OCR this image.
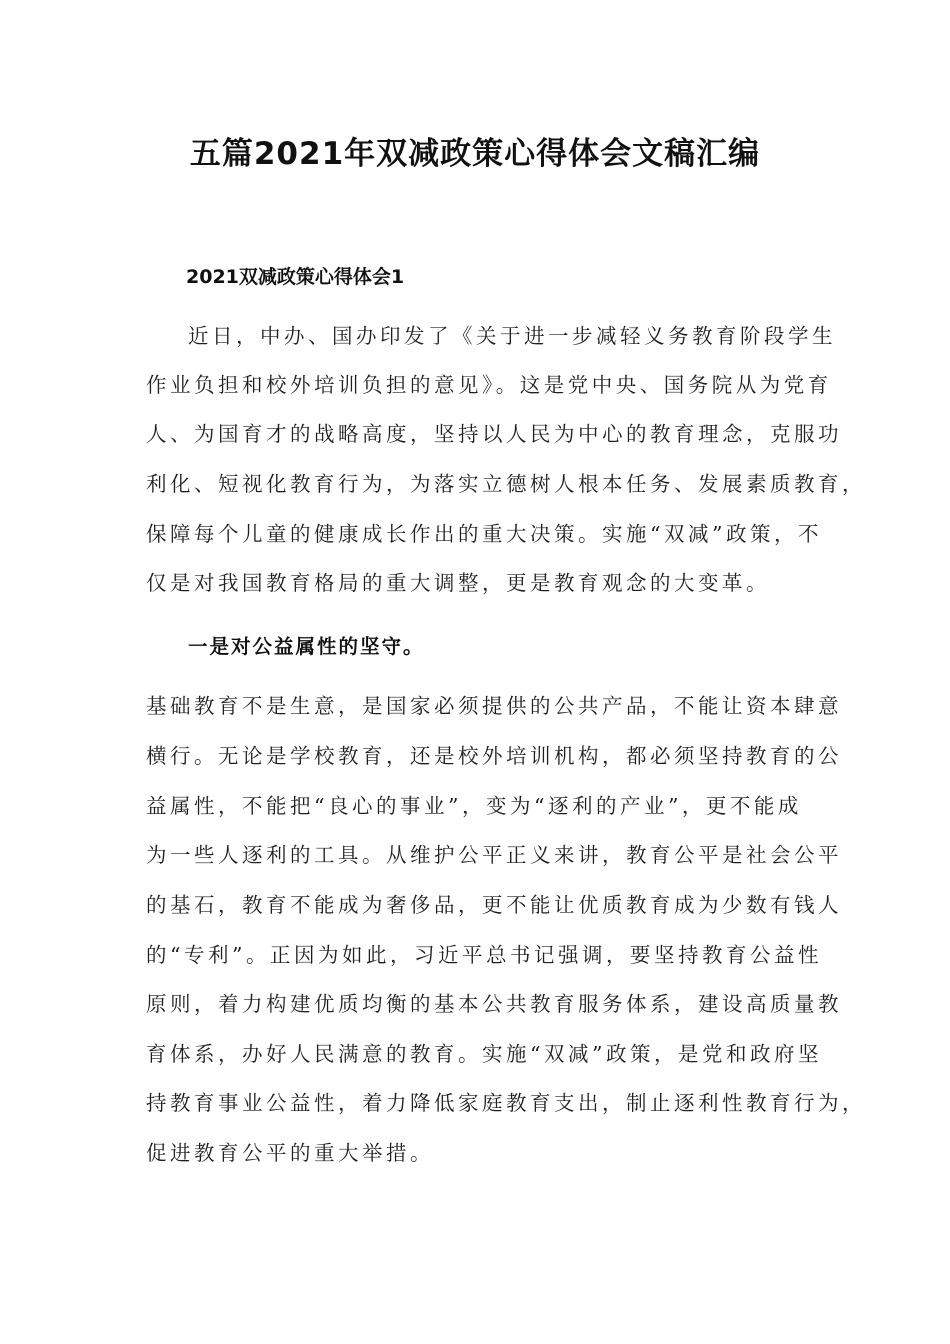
五篇2021年双减政策心得体会文稿汇编
2021双减政策心得体会1
近日，中办、国办印发了《关于进一步减轻义务教育阶段学生
作业负担和校外培训负担的意见》。这是党中央、国务院从为党育
人、为国育才的战略高度，坚持以人民为中心的教育理念，克服功
利化、短视化教育行为，为落实立德树人根本任务、发展素质教育，
保障每个儿童的健康成长作出的重大决策。实施“双减”政策，不
仅是对我国教育格局的重大调整，更是教育观念的大变革。
一是对公益属性的坚守。
基础教育不是生意，是国家必须提供的公共产品，不能让资本肆意
横行。无论是学校教育，还是校外培训机构，都必须坚持教育的公
益属性，不能把“良心的事业”，变为“逐利的产业”，更不能成
为一些人逐利的工具。从维护公平正义来讲，教育公平是社会公平
的基石，教育不能成为奢侈品，更不能让优质教育成为少数有钱人
的“专利”。正因为如此，习近平总书记强调，要坚持教育公益性
原则，着力构建优质均衡的基本公共教育服务体系，建设高质量教
育体系，办好人民满意的教育。实施“双减”政策，是党和政府坚
持教育事业公益性，着力降低家庭教育支出，制止逐利性教育行为，
促进教育公平的重大举措。
